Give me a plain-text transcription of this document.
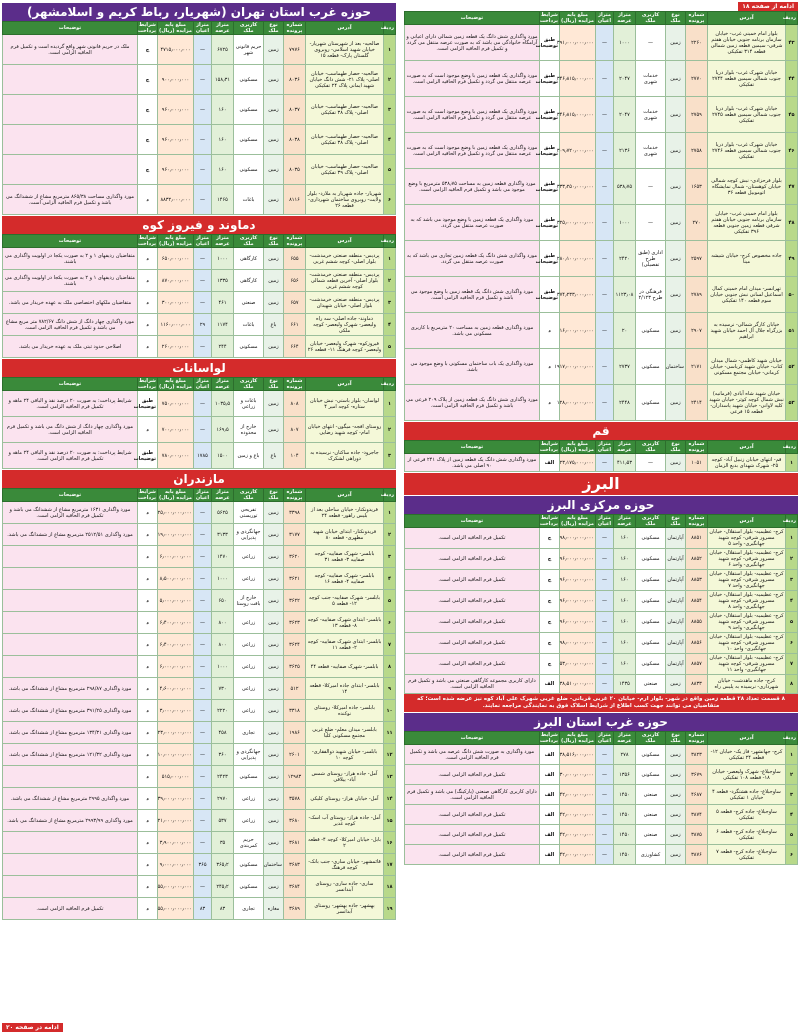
ادامه از صفحه ۱۸
ردیف	آدرس	شماره پرونده	نوع ملک	کاربری ملک	متراژ عرصه	متراژ اعیان	مبلغ پایه مزایده (ریال)	شرایط پرداخت	توضیحات
۴۳	بلوار امام خمینی غرب- خیابان سازمان برنامه جنوبی خیابان هفتم شرقی- سیمین قطعه زمین شمالی قطعه ۳۱۴ تفکیکی	۲۲۶۰	زمین	—	۱۰۰۰	—	۳۹۱٫۰۰۰٫۰۰۰٫۰۰۰	طبق توضیحات	مورد واگذاری شش دانگ یک قطعه زمین شمالی دارای اعیانی و آرامگاه خانوادگی می باشد که به صورت عرصه منتقل می گردد و تکمیل فرم الحاقیه الزامی است.
۴۴	خیابان شهرک غرب- بلوار دریا جنوب شمالی سیمین قطعه ۲۷۴۴ تفکیکی	۲۷۷۰	زمین	خدمات شهری	۲۰۴۷	—	۳۴۶٫۸۱۵٫۰۰۰٫۰۰۰	طبق توضیحات	مورد واگذاری یک قطعه زمین با وضع موجود است که به صورت عرصه منتقل می گردد و تکمیل فرم الحاقیه الزامی است.
۴۵	خیابان شهرک غرب- بلوار دریا جنوب شمالی سیمین قطعه ۲۷۴۵ تفکیکی	۲۷۵۹	زمین	خدمات شهری	۲۰۴۷	—	۳۴۶٫۸۱۵٫۰۰۰٫۰۰۰	طبق توضیحات	مورد واگذاری یک قطعه زمین با وضع موجود است که به صورت عرصه منتقل می گردد و تکمیل فرم الحاقیه الزامی است.
۴۶	خیابان شهرک غرب- بلوار دریا جنوب شمالی سیمین قطعه ۲۷۴۶ تفکیکی	۲۷۵۸	زمین	خدمات شهری	۲۱۳۶	—	۳۰۹٫۷۲۰٫۰۰۰٫۰۰۰	طبق توضیحات	مورد واگذاری یک قطعه زمین با وضع موجود است که به صورت عرصه منتقل می گردد و تکمیل فرم الحاقیه الزامی است.
۴۷	بلوار فرحزادی- نبش کوچه شمالی خیابان کوهستان- شمال نمایشگاه اتوموبیل قطعه ۳۶	۱۶۵۳	زمین	—	۵۳۸٫۷۵	—	۳۳۳٫۲۵۰٫۰۰۰٫۰۰۰	طبق توضیحات	مورد واگذاری قطعه زمین به مساحت ۵۳۸٫۷۵ مترمربع با وضع موجود می باشد و تکمیل فرم الحاقیه الزامی است.
۴۸	بلوار امام خمینی غرب- خیابان سازمان برنامه جنوبی خیابان هفتم شرقی قطعه زمین جنوبی قطعه ۳۹۶ تفکیکی	۲۷۰	زمین	—	۱۰۰۰	—	۳۲۵٫۰۰۰٫۰۰۰٫۰۰۰	طبق توضیحات	مورد واگذاری یک قطعه زمین با وضع موجود می باشد که به صورت عرصه منتقل می گردد.
۴۹	جاده مخصوص کرج- خیابان شیشه مینا	۲۵۹۷	زمین	اداری (طبق طرح تفصیلی)	۲۴۲۰	—	۲۸۰٫۱۰۰٫۰۰۰٫۰۰۰	طبق توضیحات	مورد واگذاری شش دانگ یک قطعه زمین تجاری می باشد که به صورت عرصه منتقل می گردد.
۵۰	تهرانسر- میدان امام خمینی کمال اسماعیل لسانی نبش جنوبی خیابان سوم قطعه ۱۴۰ تفکیکی	۲۷۸۹	زمین	فرهنگی در طرح ۲/۱۲۳	۱۱۲۳٫۰۸	—	۳۷۴٫۲۳۳٫۰۰۰٫۰۰۰	طبق توضیحات	مورد واگذاری شش دانگ یک قطعه زمین با وضع موجود می باشد و تکمیل فرم الحاقیه الزامی است.
۵۱	خیابان کارگر شمالی- نرسیده به بزرگراه جلال آل احمد خیابان شهید ابراهیم	۲۹۰۷	زمین	مسکونی	۲۰	—	۱۶٫۰۰۰٫۰۰۰٫۰۰۰	د	مورد واگذاری قطعه زمین به مساحت ۲۰ مترمربع با کاربری مسکونی می باشد.
۵۲	خیابان شهید کاظمی- شمال میدان کتاب- خیابان شهید کرباسی- خیابان کرمانی- خیابان مجتمع مسکونی	۲۱۷۱	ساختمان	مسکونی	۲۷۳۷	—	۱۹۱۷٫۰۰۰٫۰۰۰٫۰۰۰	د	مورد واگذاری یک باب ساختمان مسکونی با وضع موجود می باشد.
۵۳	خیابان شهید شاه آبادی (فرمانیه) نبش شمال کوچه کوثر- خیابان شهید کلیه لاوانی- خیابان شهید پاسداران- قطعه ۱۵ فرعی	۲۴۱۴	زمین	مسکونی	۲۴۴۸	—	۱۲۸٫۰۰۰٫۰۰۰٫۰۰۰	د	مورد واگذاری شش دانگ یک قطعه زمین از پلاک ۲۰۹ فرعی می باشد و تکمیل فرم الحاقیه الزامی است.
قم
ردیف	آدرس	شماره پرونده	نوع ملک	کاربری ملک	متراژ عرصه	متراژ اعیان	مبلغ پایه مزایده (ریال)	شرایط پرداخت	توضیحات
۱	قم- انتهای خیابان زنبیل آباد- کوچه ۲۵- شهرک شهدای بدیع الزمان	۱۰۵۱	زمین	—	۴۱۱٫۵۳	—	۲۳٫۱۷۵٫۰۰۰٫۰۰۰	الف	مورد واگذاری شش دانگ یک قطعه زمین از پلاک ۲۴۱ فرعی از ۹۰ اصلی می باشد.
البرز
حوزه مرکزی البرز
ردیف	آدرس	شماره پرونده	نوع ملک	کاربری ملک	متراژ عرصه	متراژ اعیان	مبلغ پایه مزایده (ریال)	شرایط پرداخت	توضیحات
۱	کرج- عظیمیه- بلوار استقلال- خیابان مسرور شرقی- کوچه شهید جهانگیری- واحد ۵	۸۸۵۱	آپارتمان	مسکونی	۱۶۰	—	۹۸٫۰۰۰٫۰۰۰٫۰۰۰	ج	تکمیل فرم الحاقیه الزامی است.
۲	کرج- عظیمیه- بلوار استقلال- خیابان مسرور شرقی- کوچه شهید جهانگیری- واحد ۶	۸۸۵۲	آپارتمان	مسکونی	۱۶۰	—	۹۶٫۰۰۰٫۰۰۰٫۰۰۰	ج	تکمیل فرم الحاقیه الزامی است.
۳	کرج- عظیمیه- بلوار استقلال- خیابان مسرور شرقی- کوچه شهید جهانگیری- واحد ۷	۸۸۵۳	آپارتمان	مسکونی	۱۶۰	—	۹۶٫۰۰۰٫۰۰۰٫۰۰۰	ج	تکمیل فرم الحاقیه الزامی است.
۴	کرج- عظیمیه- بلوار استقلال- خیابان مسرور شرقی- کوچه شهید جهانگیری- واحد ۸	۸۸۵۴	آپارتمان	مسکونی	۱۶۰	—	۹۶٫۰۰۰٫۰۰۰٫۰۰۰	ج	تکمیل فرم الحاقیه الزامی است.
۵	کرج- عظیمیه- بلوار استقلال- خیابان مسرور شرقی- کوچه شهید جهانگیری- واحد ۹	۸۸۵۵	آپارتمان	مسکونی	۱۶۰	—	۹۶٫۰۰۰٫۰۰۰٫۰۰۰	ج	تکمیل فرم الحاقیه الزامی است.
۶	کرج- عظیمیه- بلوار استقلال- خیابان مسرور شرقی- کوچه شهید جهانگیری- واحد ۱۰	۸۸۵۶	آپارتمان	مسکونی	۱۶۰	—	۹۸٫۰۰۰٫۰۰۰٫۰۰۰	ج	تکمیل فرم الحاقیه الزامی است.
۷	کرج- عظیمیه- بلوار استقلال- خیابان مسرور شرقی- کوچه شهید جهانگیری- واحد ۱۱	۸۸۵۷	آپارتمان	مسکونی	۱۶۰	—	۵۳٫۰۰۰٫۰۰۰٫۰۰۰	ج	تکمیل فرم الحاقیه الزامی است.
۸	کرج- جاده ماهدشت- خیابان شهرداری- نرسیده به پلیس راه	۸۸۳۳	زمین	صنعتی	۱۴۳۵	—	۳۸٫۵۱۰٫۰۰۰٫۰۰۰	الف	دارای کاربری مجموعه کارگاهی صنعتی می باشد و تکمیل فرم الحاقیه الزامی است.
۸ قسمت تعداد ۲۸ قطعه زمین واقع در شهر- بلوار ارم- خیابان ۲۰ غربی قربانی- ضلع غربی شهرک علی آباد کوه نیز عرضه شده است؛ که متقاضیان می توانند جهت کسب اطلاع از شرایط اسلاک فوق به نمایندگی مراجعه نمایند.
حوزه غرب استان البرز
ردیف	آدرس	شماره پرونده	نوع ملک	کاربری ملک	متراژ عرصه	متراژ اعیان	مبلغ پایه مزایده (ریال)	شرایط پرداخت	توضیحات
۱	کرج- جهانشهر- فاز یک- خیابان ۱۲- قطعه ۲۴ تفکیکی	۳۸۲۳	زمین	مسکونی	۲۷۸	—	۳۸٫۵۱۶٫۰۰۰٫۰۰۰	الف	مورد واگذاری به صورت شش دانگ عرصه می باشد و تکمیل فرم الحاقیه الزامی است.
۲	ساوجبلاغ- شهرک ولیعصر- خیابان ۱۸- قطعه ۱۰۸ تفکیکی	۳۶۷۹	زمین	مسکونی	۱۳۵۶	—	۳۰٫۰۰۰٫۰۰۰٫۰۰۰	الف	تکمیل فرم الحاقیه الزامی است.
۳	ساوجبلاغ- جاده هشتگرد- قطعه ۴ خیابان ۱ تفکیکی	۴۶۸۷	زمین	صنعتی	۱۴۵۰	—	۴۲٫۰۰۰٫۰۰۰٫۰۰۰	الف	دارای کاربری کارگاهی صنعتی (پارکینگ) می باشد و تکمیل فرم الحاقیه الزامی است.
۴	ساوجبلاغ- جاده کرج- قطعه ۵ تفکیکی	۳۸۷۴	زمین	صنعتی	۱۴۵۰	—	۴۲٫۰۰۰٫۰۰۰٫۰۰۰	الف	تکمیل فرم الحاقیه الزامی است.
۵	ساوجبلاغ- جاده کرج- قطعه ۶ تفکیکی	۳۸۷۵	زمین	صنعتی	۱۴۵۰	—	۴۲٫۰۰۰٫۰۰۰٫۰۰۰	الف	تکمیل فرم الحاقیه الزامی است.
۶	ساوجبلاغ- جاده کرج- قطعه ۷ تفکیکی	۳۸۷۶	زمین	کشاورزی	۱۴۵۰	—	۴۲٫۰۰۰٫۰۰۰٫۰۰۰	الف	تکمیل فرم الحاقیه الزامی است.
حوزه غرب استان تهران (شهریار، رباط کریم و اسلامشهر)
ردیف	آدرس	شماره پرونده	نوع ملک	کاربری ملک	متراژ عرصه	متراژ اعیان	مبلغ پایه مزایده (ریال)	شرایط پرداخت	توضیحات
۱	صالحیه- بعد از شهرستان شهریار- خیابان شهید اسلامی- روبروی گلستان پارک- قطعه ۱۵	۷۹۷۶	زمین	حریم قانونی شهر	۶۷۲۵	—	۴۷۱۵٫۰۰۰٫۰۰۰	ج	ملک در حریم قانونی شهر واقع گردیده است و تکمیل فرم الحاقیه الزامی است.
۲	صالحیه- حصار طهماسب- خیابان اصلی- پلاک ۲۱- شش دانگ خیابان شهید ایمانی پلاک ۲۴ تفکیکی	۸۰۳۶	زمین	مسکونی	۱۵۸٫۳۱	—	۹۰۰٫۰۰۰٫۰۰۰	ج	
۳	صالحیه- حصار طهماسب- خیابان اصلی- پلاک ۳۸ تفکیکی	۸۰۳۷	زمین	مسکونی	۱۶۰	—	۹۶۰٫۰۰۰٫۰۰۰	ج	
۴	صالحیه- حصار طهماسب- خیابان اصلی- پلاک ۳۸ تفکیکی	۸۰۳۸	زمین	مسکونی	۱۶۰	—	۹۶۰٫۰۰۰٫۰۰۰	ج	
۵	صالحیه- حصار طهماسب- خیابان اصلی- پلاک ۳۹ تفکیکی	۸۰۳۵	زمین	مسکونی	۱۶۰	—	۹۶۰٫۰۰۰٫۰۰۰	ج	
۶	شهریار- جاده شهریار به ملارد- بلوار ولایت- روبروی ساختمان شهرداری- قطعه ۲۶	۸۱۱۶	زمین	باغات	۱۴۶۵	—	۸۸۳۲٫۰۰۰٫۰۰۰	د	مورد واگذاری مساحت ۸۶۵/۳۸ مترمربع مشاع از ششدانگ می باشد و تکمیل فرم الحاقیه الزامی است.
دماوند و فیروز کوه
ردیف	آدرس	شماره پرونده	نوع ملک	کاربری ملک	متراژ عرصه	متراژ اعیان	مبلغ پایه مزایده (ریال)	شرایط پرداخت	توضیحات
۱	پردیس- منطقه صنعتی خرمدشت- بلوار اصلی- کوچه ششم غربی	۶۵۵	زمین	کارگاهی	۱۰۰۰	—	۶۵۰٫۰۰۰٫۰۰۰	د	متقاضیان ردیفهای ۱ و ۲ به صورت یکجا در اولویت واگذاری می باشند.
۲	پردیس- منطقه صنعتی خرمدشت- بلوار اصلی- آخرین قطعه شمالی کوچه ششم غربی	۶۵۶	زمین	کارگاهی	۱۳۳۵	—	۸۷۰٫۰۰۰٫۰۰۰	د	متقاضیان ردیفهای ۱ و ۲ به صورت یکجا در اولویت واگذاری می باشند.
۳	پردیس- منطقه صنعتی خرمدشت- بلوار اصلی- خیابان شهیدان	۶۵۷	زمین	صنعتی	۴۶۱	—	۳۰۰٫۰۰۰٫۰۰۰	د	متقاضیان ملکهای اختصاصی ملک به عهده خریدار می باشد.
۴	دماوند- جاده اصلی- سه راه ولیعصر- شهرک ولیعصر- کوچه ملکی	۶۶۱	باغ	باغات	۱۱۷۴	۲۹	۱۱۶۰٫۰۰۰٫۰۰۰	د	مورد واگذاری چهار دانگ از شش دانگ ۷۸۲/۶۷ متر مربع مشاع می باشد و تکمیل فرم الحاقیه الزامی است.
۵	فیروزکوه- شهرک ولیعصر- خیابان ولیعصر- کوچه فرهنگ ۱۱- قطعه ۲۶	۶۶۴	زمین	مسکونی	۲۴۴	—	۲۶۰٫۰۰۰٫۰۰۰	د	اصلاحی حدود ثبتی ملک به عهده خریدار می باشد.
لواسانات
ردیف	آدرس	شماره پرونده	نوع ملک	کاربری ملک	متراژ عرصه	متراژ اعیان	مبلغ پایه مزایده (ریال)	شرایط پرداخت	توضیحات
۱	لواسان- بلوار باستی- نبش خیابان ستاره- کوچه امیر ۴	۸۰۸	زمین	باغات و زراعی	۱۰۳۵٫۵	—	۷۵۰٫۰۰۰٫۰۰۰	طبق توضیحات	شرایط پرداخت: به صورت ۲۰ درصد نقد و الباقی ۲۴ ماهه و تکمیل فرم الحاقیه الزامی است.
۲	روستای افجه- میگون- انتهای خیابان امام- کوچه شهید رضایی	۸۰۷	زمین	خارج از محدوده	۱۶۹٫۵	—	۷۰۰٫۰۰۰٫۰۰۰	د	مورد واگذاری چهار دانگ از شش دانگ می باشد و تکمیل فرم الحاقیه الزامی است.
۳	جاجرود- جاده ساکنان- نرسیده به دوراهی لشکرک	۱۰۴	باغ	باغ و زمین	۱۵۰۰	۱۷۸۵	۷۸۰٫۰۰۰٫۰۰۰	طبق توضیحات	شرایط پرداخت: به صورت ۲۰ درصد نقد و الباقی ۲۴ ماهه و تکمیل فرم الحاقیه الزامی است.
مازندران
ردیف	آدرس	شماره پرونده	نوع ملک	کاربری ملک	متراژ عرصه	متراژ اعیان	مبلغ پایه مزایده (ریال)	شرایط پرداخت	توضیحات
۱	فریدونکنار- خیابان ساحلی بعد از بلیس راهور- قطعه ۲۴	۳۳۹۸	زمین	تفریحی توریستی	۵۶۲۵	—	۲۵٫۰۰۰٫۰۰۰٫۰۰۰	د	مورد واگذاری ۱۶۳۱ مترمربع مشاع از ششدانگ می باشد و تکمیل فرم الحاقیه الزامی است.
۲	فریدونکنار- ابتدای خیابان شهید مطهری- قطعه ۸۰	۳۱۷۷	زمین	جهانگردی و پذیرایی	۳۱۳۳	—	۱۹٫۰۰۰٫۰۰۰٫۰۰۰	د	مورد واگذاری ۲۵۱۲/۵۱ مترمربع مشاع از ششدانگ می باشد.
۳	بابلسر- شهرک صفاییه- کوچه صفاییه ۳- قطعه ۳۱	۳۶۲۰	زمین	زراعی	۱۴۷۰	—	۶٫۰۰۰٫۰۰۰٫۰۰۰	د	
۴	بابلسر- شهرک صفاییه- کوچه صفاییه ۴- قطعه ۱۶	۳۶۲۱	زمین	زراعی	۱۰۰۰	—	۸٫۵۰۰٫۰۰۰٫۰۰۰	د	
۵	بابلسر- شهرک صفاییه- جنب کوچه ۱۲- قطعه ۵	۳۶۲۲	زمین	خارج از بافت روستا	۶۵۰	—	۵٫۰۰۰٫۰۰۰٫۰۰۰	د	
۶	بابلسر- ابتدای شهرک صفاییه- کوچه ۸- قطعه ۱۳	۳۶۲۳	زمین	زراعی	۸۰۰	—	۶٫۴۰۰٫۰۰۰٫۰۰۰	د	
۷	بابلسر- ابتدای شهرک صفاییه- کوچه ۲- قطعه ۱۱	۳۶۲۴	زمین	زراعی	۸۰۰	—	۶٫۴۰۰٫۰۰۰٫۰۰۰	د	
۸	بابلسر- شهرک صفاییه- قطعه ۴۴	۳۶۲۵	زمین	زراعی	۱۰۰۰	—	۶٫۰۰۰٫۰۰۰٫۰۰۰	د	
۹	بابلسر- ابتدای جاده امیرکلا- قطعه ۱۴	۵۱۲	زمین	زراعی	۷۳۰	—	۴٫۶۰۰٫۰۰۰٫۰۰۰	د	مورد واگذاری ۲۹۸/۸۷ مترمربع مشاع از ششدانگ می باشد.
۱۰	بابلسر- جاده امیرکلا- روستای نوکنده	۳۳۱۸	زمین	زراعی	۲۲۲۰	—	۳٫۰۰۰٫۰۰۰٫۰۰۰	د	مورد واگذاری ۳۹۱/۲۵ مترمربع مشاع از ششدانگ می باشد.
۱۱	بابلسر- میدان معلم- ضلع غربی مجتمع مسکونی کلبا	۱۹۸۶	زمین	تجاری	۴۵۸	—	۲۳٫۰۰۰٫۰۰۰٫۰۰۰	د	مورد واگذاری ۱۳۴/۳۱ مترمربع مشاع از ششدانگ می باشد.
۱۲	بابلسر- خیابان شهید ذوالفقاری- کوچه ۱۰	۲۶۰۱	زمین	جهانگردی و پذیرایی	۳۶۰	—	۱۰٫۰۰۰٫۰۰۰٫۰۰۰	د	مورد واگذاری ۱۲۱/۳۲ مترمربع مشاع از ششدانگ می باشد.
۱۳	آمل- جاده هراز- روستای شمس آباد- ییلاقی	۱۲۹۸۳	زمین	مسکونی	۲۴۲۳	—	۵۱۵٫۰۰۰٫۰۰۰	د	
۱۴	آمل- خیابان هراز- روستای کلیکی	۳۵۷۸	زمین	زراعی	۲۹۷۰	—	۳۹٫۰۰۰٫۰۰۰٫۰۰۰	د	مورد واگذاری ۲۹۹۵ مترمربع مشاع از ششدانگ می باشد.
۱۵	آمل- جاده هراز- روستای آب اسک- کوچه غدیر	۳۶۸۰	زمین	زراعی	۵۳۷	—	۲۱٫۰۰۰٫۰۰۰٫۰۰۰	د	مورد واگذاری ۲۹۹۳/۹۹ مترمربع مشاع از ششدانگ می باشد.
۱۶	بابل- خیابان امیرکلا- کوچه ۴- قطعه ۲	۳۶۸۱	زمین	حریم کمربندی	۳۵	—	۳٫۹۰۰٫۰۰۰٫۰۰۰	د	
۱۷	قائمشهر- خیابان ساری- جنب بانک- کوچه فرهنگ	۳۶۸۳	ساختمان	مسکونی	۳۶۵٫۲	۳۶۵	۹٫۰۰۰٫۰۰۰٫۰۰۰	د	
۱۸	ساری- جاده ساری- روستای آبندانسر	۳۶۸۴	زمین	مسکونی	۲۴۵٫۲	—	۵۵٫۰۰۰٫۰۰۰٫۰۰۰	د	
۱۹	بهشهر- جاده بهشهر- روستای آبدانسر	۳۶۸۹	مغازه	تجاری	۸۳	۸۳	۵۵٫۰۰۰٫۰۰۰٫۰۰۰	د	تکمیل فرم الحاقیه الزامی است.
ادامه در صفحه ۲۰
